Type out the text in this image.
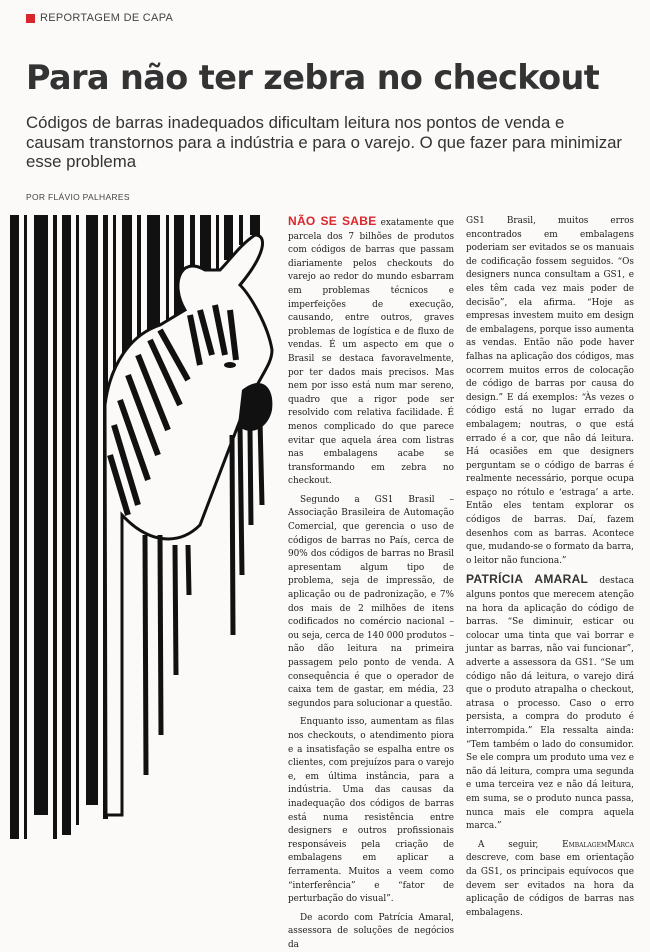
REPORTAGEM DE CAPA
Para não ter zebra no checkout

Códigos de barras inadequados dificultam leitura nos pontos de venda e causam transtornos para a indústria e para o varejo. O que fazer para minimizar esse problema

POR FLÁVIO PALHARES

NÃO SE SABE exatamente que parcela dos 7 bilhões de produtos com códigos de barras que passam diariamente pelos checkouts do varejo ao redor do mundo esbarram em problemas técnicos e imperfeições de execução, causando, entre outros, graves problemas de logística e de fluxo de vendas. É um aspecto em que o Brasil se destaca favoravelmente, por ter dados mais precisos. Mas nem por isso está num mar sereno, quadro que a rigor pode ser resolvido com relativa facilidade. É menos complicado do que parece evitar que aquela área com listras nas embalagens acabe se transformando em zebra no checkout.

Segundo a GS1 Brasil – Associação Brasileira de Automação Comercial, que gerencia o uso de códigos de barras no País, cerca de 90% dos códigos de barras no Brasil apresentam algum tipo de problema, seja de impressão, de aplicação ou de padronização, e 7% dos mais de 2 milhões de itens codificados no comércio nacional – ou seja, cerca de 140 000 produtos – não dão leitura na primeira passagem pelo ponto de venda. A consequência é que o operador de caixa tem de gastar, em média, 23 segundos para solucionar a questão.

Enquanto isso, aumentam as filas nos checkouts, o atendimento piora e a insatisfação se espalha entre os clientes, com prejuízos para o varejo e, em última instância, para a indústria. Uma das causas da inadequação dos códigos de barras está numa resistência entre designers e outros profissionais responsáveis pela criação de embalagens em aplicar a ferramenta. Muitos a veem como “interferência” e “fator de perturbação do visual”.

De acordo com Patrícia Amaral, assessora de soluções de negócios da

GS1 Brasil, muitos erros encontrados em embalagens poderiam ser evitados se os manuais de codificação fossem seguidos. “Os designers nunca consultam a GS1, e eles têm cada vez mais poder de decisão”, ela afirma. “Hoje as empresas investem muito em design de embalagens, porque isso aumenta as vendas. Então não pode haver falhas na aplicação dos códigos, mas ocorrem muitos erros de colocação de código de barras por causa do design.” E dá exemplos: “Às vezes o código está no lugar errado da embalagem; noutras, o que está errado é a cor, que não dá leitura. Há ocasiões em que designers perguntam se o código de barras é realmente necessário, porque ocupa espaço no rótulo e ‘estraga’ a arte. Então eles tentam explorar os códigos de barras. Daí, fazem desenhos com as barras. Acontece que, mudando-se o formato da barra, o leitor não funciona.”

PATRÍCIA AMARAL destaca alguns pontos que merecem atenção na hora da aplicação do código de barras. “Se diminuir, esticar ou colocar uma tinta que vai borrar e juntar as barras, não vai funcionar”, adverte a assessora da GS1. “Se um código não dá leitura, o varejo dirá que o produto atrapalha o checkout, atrasa o processo. Caso o erro persista, a compra do produto é interrompida.” Ela ressalta ainda: “Tem também o lado do consumidor. Se ele compra um produto uma vez e não dá leitura, compra uma segunda e uma terceira vez e não dá leitura, em suma, se o produto nunca passa, nunca mais ele compra aquela marca.”

A seguir, EmbalagemMarca descreve, com base em orientação da GS1, os principais equívocos que devem ser evitados na hora da aplicação de códigos de barras nas embalagens.
